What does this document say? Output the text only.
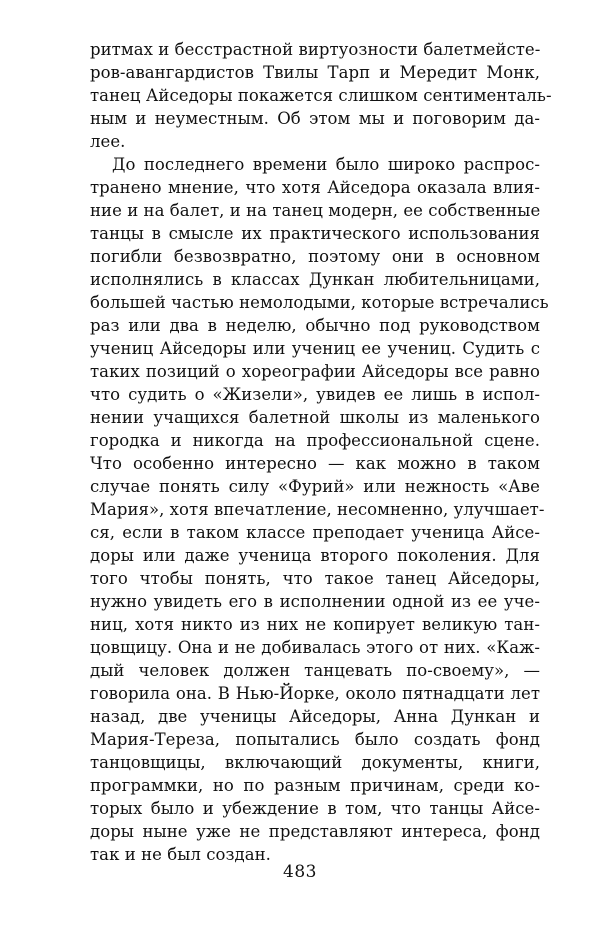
ритмах и бесстрастной виртуозности балетмейсте-
ров-авангардистов Твилы Тарп и Мередит Монк,
танец Айседоры покажется слишком сентименталь-
ным и неуместным. Об этом мы и поговорим да-
лее.
До последнего времени было широко распрос-
транено мнение, что хотя Айседора оказала влия-
ние и на балет, и на танец модерн, ее собственные
танцы в смысле их практического использования
погибли безвозвратно, поэтому они в основном
исполнялись в классах Дункан любительницами,
большей частью немолодыми, которые встречались
раз или два в неделю, обычно под руководством
учениц Айседоры или учениц ее учениц. Судить с
таких позиций о хореографии Айседоры все равно
что судить о «Жизели», увидев ее лишь в испол-
нении учащихся балетной школы из маленького
городка и никогда на профессиональной сцене.
Что особенно интересно — как можно в таком
случае понять силу «Фурий» или нежность «Аве
Мария», хотя впечатление, несомненно, улучшает-
ся, если в таком классе преподает ученица Айсе-
доры или даже ученица второго поколения. Для
того чтобы понять, что такое танец Айседоры,
нужно увидеть его в исполнении одной из ее уче-
ниц, хотя никто из них не копирует великую тан-
цовщицу. Она и не добивалась этого от них. «Каж-
дый человек должен танцевать по-своему», —
говорила она. В Нью-Йорке, около пятнадцати лет
назад, две ученицы Айседоры, Анна Дункан и
Мария-Тереза, попытались было создать фонд
танцовщицы, включающий документы, книги,
программки, но по разным причинам, среди ко-
торых было и убеждение в том, что танцы Айсе-
доры ныне уже не представляют интереса, фонд
так и не был создан.
483
